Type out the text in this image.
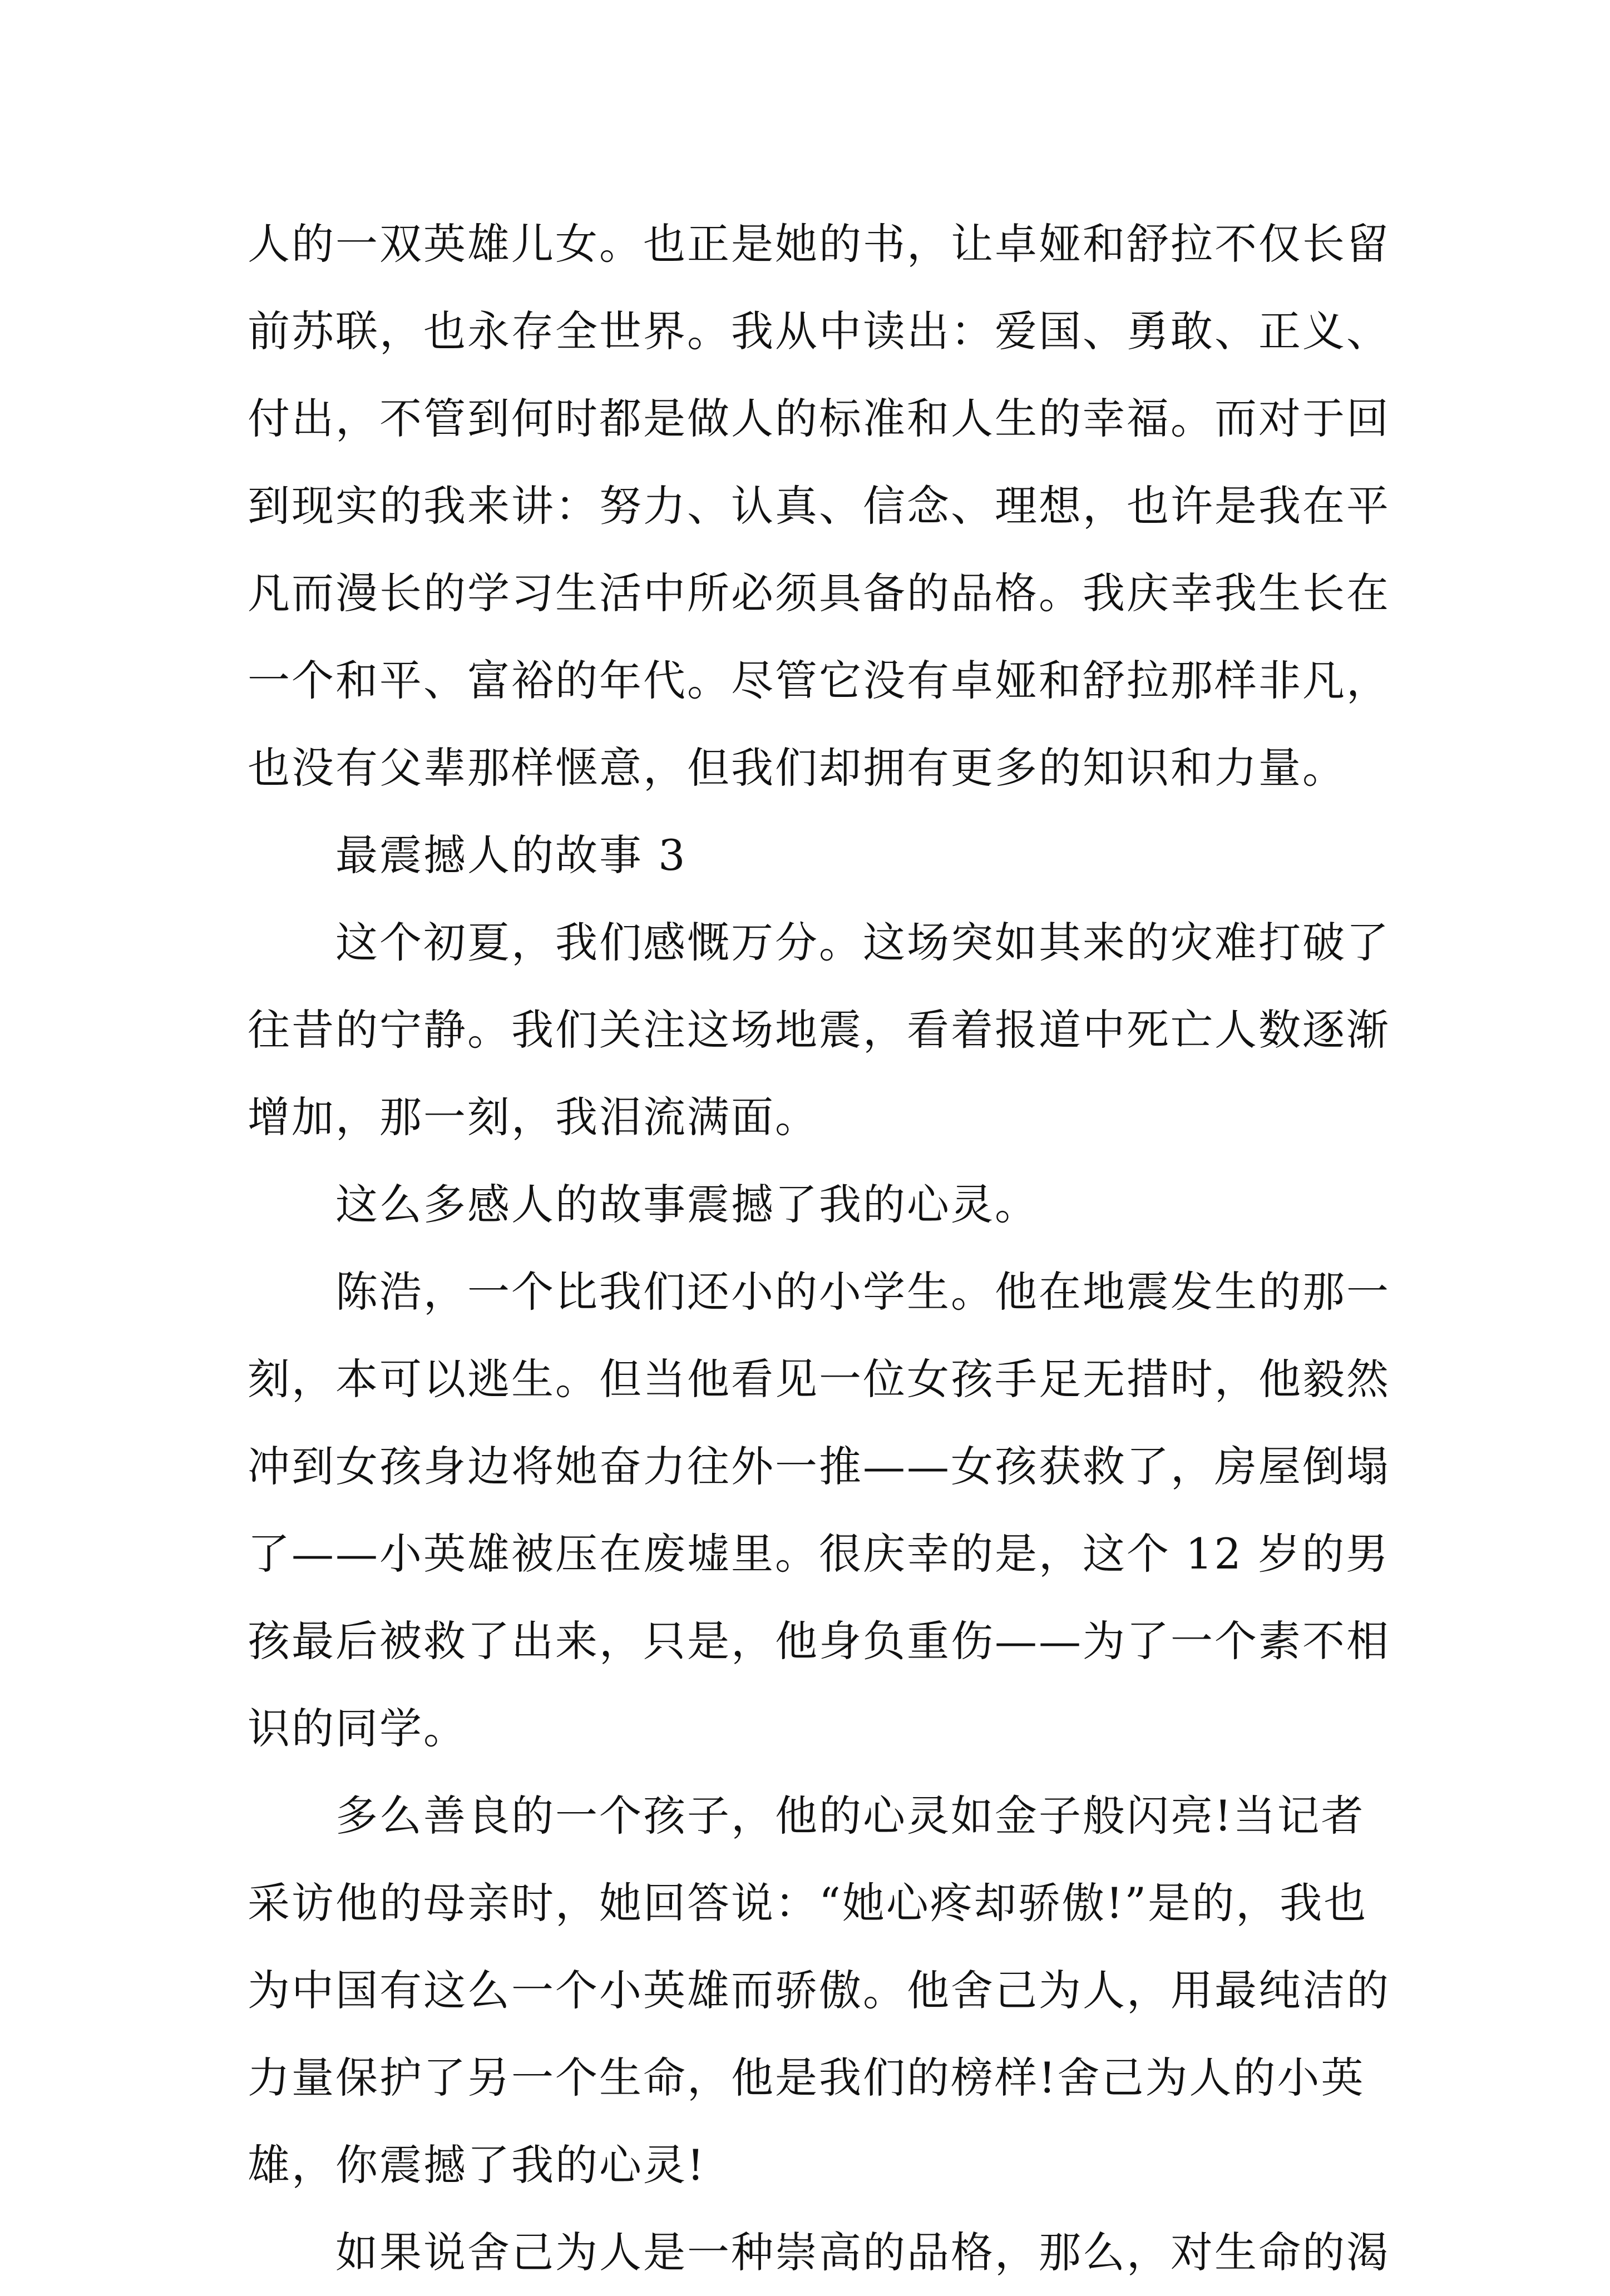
人的一双英雄儿女。也正是她的书，让卓娅和舒拉不仅长留
前苏联，也永存全世界。我从中读出：爱国、勇敢、正义、
付出，不管到何时都是做人的标准和人生的幸福。而对于回
到现实的我来讲：努力、认真、信念、理想，也许是我在平
凡而漫长的学习生活中所必须具备的品格。我庆幸我生长在
一个和平、富裕的年代。尽管它没有卓娅和舒拉那样非凡，
也没有父辈那样惬意，但我们却拥有更多的知识和力量。

最震撼人的故事 3

这个初夏，我们感慨万分。这场突如其来的灾难打破了
往昔的宁静。我们关注这场地震，看着报道中死亡人数逐渐
增加，那一刻，我泪流满面。

这么多感人的故事震撼了我的心灵。

陈浩，一个比我们还小的小学生。他在地震发生的那一
刻，本可以逃生。但当他看见一位女孩手足无措时，他毅然
冲到女孩身边将她奋力往外一推——女孩获救了，房屋倒塌
了——小英雄被压在废墟里。很庆幸的是，这个 12 岁的男
孩最后被救了出来，只是，他身负重伤——为了一个素不相
识的同学。

多么善良的一个孩子，他的心灵如金子般闪亮!当记者
采访他的母亲时，她回答说：“她心疼却骄傲!”是的，我也
为中国有这么一个小英雄而骄傲。他舍己为人，用最纯洁的
力量保护了另一个生命，他是我们的榜样!舍己为人的小英
雄，你震撼了我的心灵!

如果说舍己为人是一种崇高的品格，那么，对生命的渴
